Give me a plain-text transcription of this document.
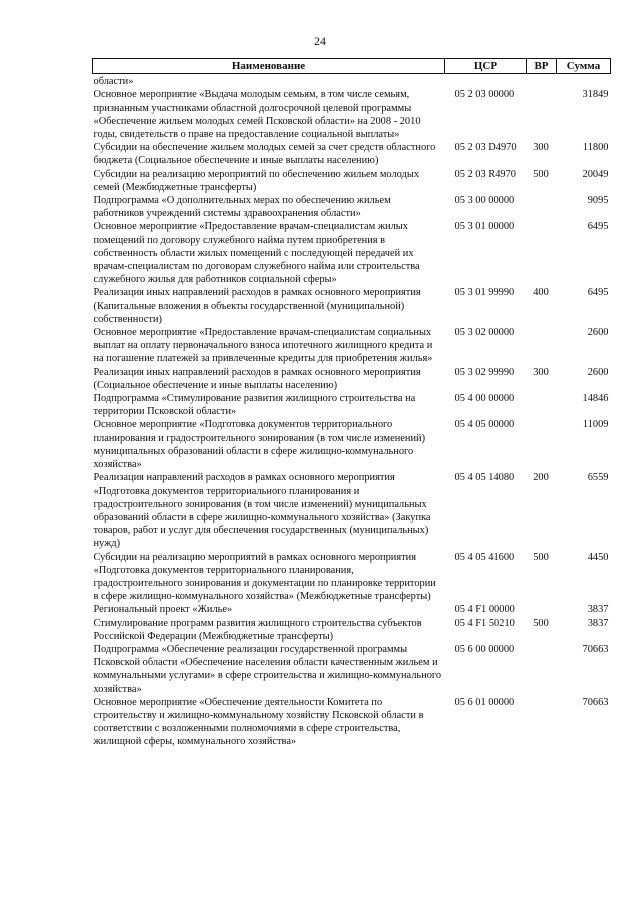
24
Наименование	ЦСР	ВР	Сумма
области»			
Основное мероприятие «Выдача молодым семьям, в том числе семьям, признанным участниками областной долгосрочной целевой программы «Обеспечение жильем молодых семей Псковской области» на 2008 - 2010 годы, свидетельств о праве на предоставление социальной выплаты»	05 2 03 00000		31849
Субсидии на обеспечение жильем молодых семей за счет средств областного бюджета (Социальное обеспечение и иные выплаты населению)	05 2 03 D4970	300	11800
Субсидии на реализацию мероприятий по обеспечению жильем молодых семей (Межбюджетные трансферты)	05 2 03 R4970	500	20049
Подпрограмма «О дополнительных мерах по обеспечению жильем работников учреждений системы здравоохранения области»	05 3 00 00000		9095
Основное мероприятие «Предоставление врачам-специалистам жилых помещений по договору служебного найма путем приобретения в собственность области жилых помещений с последующей передачей их врачам-специалистам по договорам служебного найма или строительства служебного жилья для работников социальной сферы»	05 3 01 00000		6495
Реализация иных направлений расходов в рамках основного мероприятия (Капитальные вложения в объекты государственной (муниципальной) собственности)	05 3 01 99990	400	6495
Основное мероприятие «Предоставление врачам-специалистам социальных выплат на оплату первоначального взноса ипотечного жилищного кредита и на погашение платежей за привлеченные кредиты для приобретения жилья»	05 3 02 00000		2600
Реализация иных направлений расходов в рамках основного мероприятия (Социальное обеспечение и иные выплаты населению)	05 3 02 99990	300	2600
Подпрограмма «Стимулирование развития жилищного строительства на территории Псковской области»	05 4 00 00000		14846
Основное мероприятие «Подготовка документов территориального планирования и градостроительного зонирования (в том числе изменений) муниципальных образований области в сфере жилищно-коммунального хозяйства»	05 4 05 00000		11009
Реализация направлений расходов в рамках основного мероприятия «Подготовка документов территориального планирования и градостроительного зонирования (в том числе изменений) муниципальных образований области в сфере жилищно-коммунального хозяйства» (Закупка товаров, работ и услуг для обеспечения государственных (муниципальных) нужд)	05 4 05 14080	200	6559
Субсидии на реализацию мероприятий в рамках основного мероприятия «Подготовка документов территориального планирования, градостроительного зонирования и документации по планировке территории в сфере жилищно-коммунального хозяйства» (Межбюджетные трансферты)	05 4 05 41600	500	4450
Региональный проект «Жилье»	05 4 F1 00000		3837
Стимулирование программ развития жилищного строительства субъектов Российской Федерации (Межбюджетные трансферты)	05 4 F1 50210	500	3837
Подпрограмма «Обеспечение реализации государственной программы Псковской области «Обеспечение населения области качественным жильем и коммунальными услугами» в сфере строительства и жилищно-коммунального хозяйства»	05 6 00 00000		70663
Основное мероприятие «Обеспечение деятельности Комитета по строительству и жилищно-коммунальному хозяйству Псковской области в соответствии с возложенными полномочиями в сфере строительства, жилищной сферы, коммунального хозяйства»	05 6 01 00000		70663
